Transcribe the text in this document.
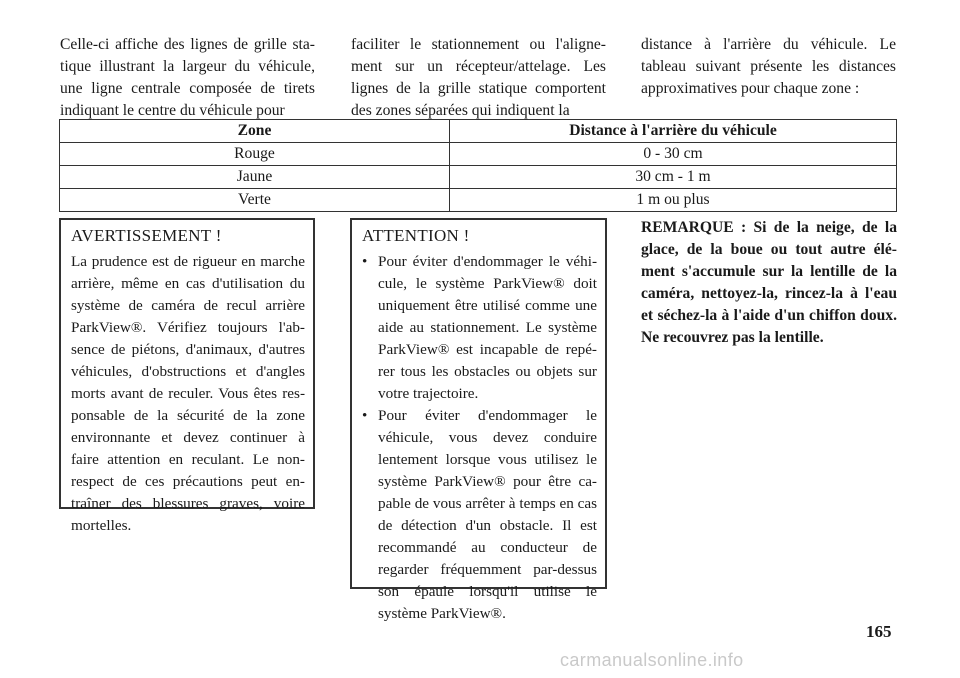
Celle-ci affiche des lignes de grille sta-tique illustrant la largeur du véhicule, une ligne centrale composée de tirets indiquant le centre du véhicule pour
faciliter le stationnement ou l'aligne-ment sur un récepteur/attelage. Les lignes de la grille statique comportent des zones séparées qui indiquent la
distance à l'arrière du véhicule. Le tableau suivant présente les distances approximatives pour chaque zone :
Zone	Distance à l'arrière du véhicule
Rouge	0 - 30 cm
Jaune	30 cm - 1 m
Verte	1 m ou plus
AVERTISSEMENT !

La prudence est de rigueur en marche arrière, même en cas d'utilisation du système de caméra de recul arrière ParkView®. Vérifiez toujours l'ab-sence de piétons, d'animaux, d'autres véhicules, d'obstructions et d'angles morts avant de reculer. Vous êtes res-ponsable de la sécurité de la zone environnante et devez continuer à faire attention en reculant. Le non-respect de ces précautions peut en-traîner des blessures graves, voire mortelles.

ATTENTION !
• Pour éviter d'endommager le véhi-cule, le système ParkView® doit uniquement être utilisé comme une aide au stationnement. Le système ParkView® est incapable de repé-rer tous les obstacles ou objets sur votre trajectoire.
• Pour éviter d'endommager le véhicule, vous devez conduire lentement lorsque vous utilisez le système ParkView® pour être ca-pable de vous arrêter à temps en cas de détection d'un obstacle. Il est recommandé au conducteur de regarder fréquemment par-dessus son épaule lorsqu'il utilise le système ParkView®.
REMARQUE : Si de la neige, de la glace, de la boue ou tout autre élé-ment s'accumule sur la lentille de la caméra, nettoyez-la, rincez-la à l'eau et séchez-la à l'aide d'un chiffon doux. Ne recouvrez pas la lentille.
165
carmanualsonline.info
